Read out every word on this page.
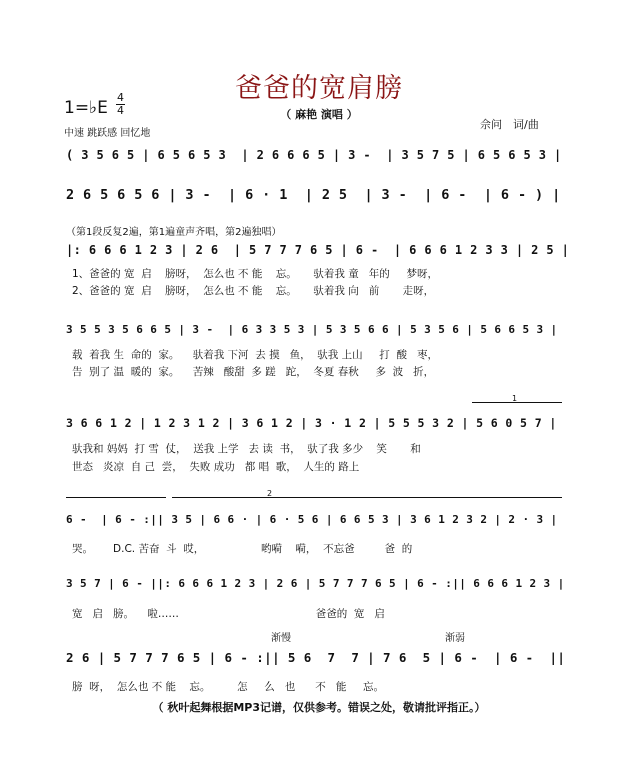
爸爸的宽肩膀
（ 麻艳 演唱 ）
1=♭E
4
4
中速 跳跃感 回忆地
佘问　词/曲
( 3 5 6 5 | 6 5 6 5 3  | 2 6 6 6 5 | 3 -  | 3 5 7 5 | 6 5 6 5 3 |
2 6 5 6 5 6 | 3 -  | 6 · 1  | 2 5  | 3 -  | 6 -  | 6 - ) |
（第1段反复2遍，第1遍童声齐唱，第2遍独唱）
|: 6 6 6 1 2 3 | 2 6  | 5 7 7 7 6 5 | 6 -  | 6 6 6 1 2 3 3 | 2 5 |
1、爸爸的 宽  启    膀呀，  怎么也 不 能    忘。     驮着我 童   年的     梦呀，
2、爸爸的 宽  启    膀呀，  怎么也 不 能    忘。     驮着我 向   前       走呀，
3 5 5 3 5 6 6 5 | 3 -  | 6 3 3 5 3 | 5 3 5 6 6 | 5 3 5 6 | 5 6 6 5 3 |
载  着我 生  命的  家。    驮着我 下河  去 摸   鱼，  驮我 上山     打  酸   枣，
告  别了 温  暖的  家。    苦辣   酸甜  多 蹉   跎，  冬夏 春秋     多  波   折，
1
3 6 6 1 2 | 1 2 3 1 2 | 3 6 1 2 | 3 · 1 2 | 5 5 5 3 2 | 5 6 0 5 7 |
驮我和 妈妈  打 雪  仗，  送我 上学   去 读  书，  驮了我 多少    笑       和
世态   炎凉  自 己  尝，  失败 成功   都 唱  歌，  人生的 路上
2
6 -  | 6 - :|| 3 5 | 6 6 · | 6 · 5 6 | 6 6 5 3 | 3 6 1 2 3 2 | 2 · 3 |
哭。      D.C. 苦奋  斗  哎，                 哟嗬    嗬，  不忘爸         爸  的
3 5 7 | 6 - ||: 6 6 6 1 2 3 | 2 6 | 5 7 7 7 6 5 | 6 - :|| 6 6 6 1 2 3 |
宽   启   膀。    啦……                                         爸爸的  宽   启
渐慢	渐弱
2 6 | 5 7 7 7 6 5 | 6 - :|| 5 6  7  7 | 7 6  5 | 6 -  | 6 -  ||
膀  呀，  怎么也 不 能    忘。        怎     么   也      不   能     忘。
（ 秋叶起舞根据MP3记谱，仅供参考。错误之处，敬请批评指正。）
